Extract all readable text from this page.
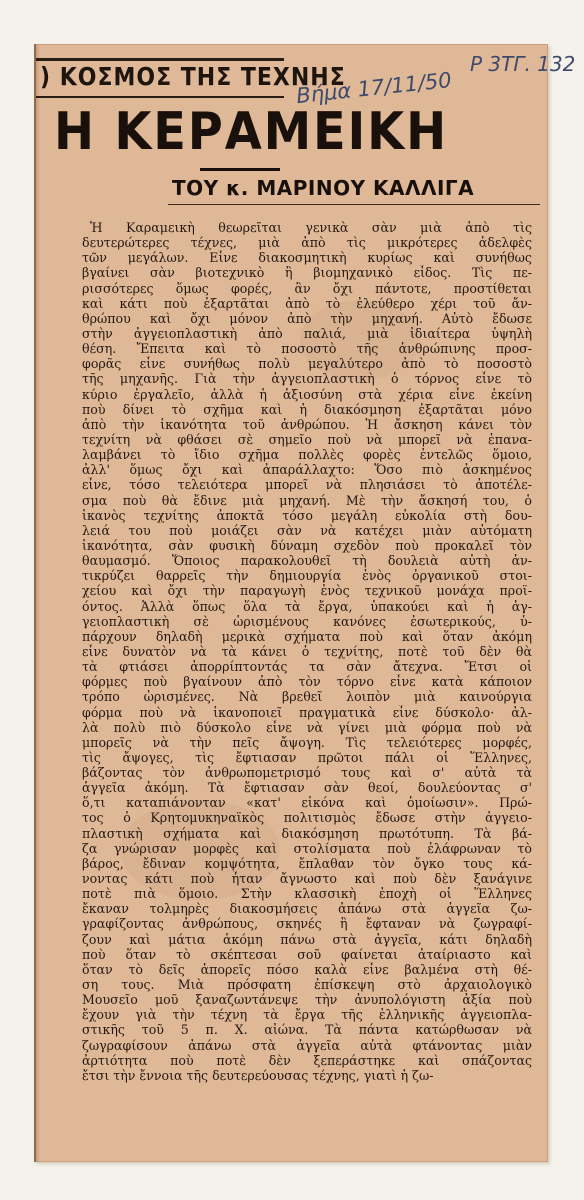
) ΚΟΣΜΟΣ ΤΗΣ ΤΕΧΝΗΣ
Βήμα 17/11/50
P 3ΤΓ. 132
Η ΚΕΡΑΜΕΙΚΗ
ΤΟΥ κ. ΜΑΡΙΝΟΥ ΚΑΛΛΙΓΑ
Ἡ Καραμεικὴ θεωρεῖται γενικὰ σὰν μιὰ ἀπὸ τὶς
δευτερώτερες τέχνες, μιὰ ἀπὸ τὶς μικρότερες ἀδελφὲς
τῶν μεγάλων. Εἶνε διακοσμητικὴ κυρίως καὶ συνήθως
βγαίνει σὰν βιοτεχνικὸ ἢ βιομηχανικὸ εἶδος. Τὶς πε-
ρισσότερες ὅμως φορές, ἂν ὄχι πάντοτε, προστίθεται
καὶ κάτι ποὺ ἐξαρτᾶται ἀπὸ τὸ ἐλεύθερο χέρι τοῦ ἄν-
θρώπου καὶ ὄχι μόνον ἀπὸ τὴν μηχανή. Αὐτὸ ἔδωσε
στὴν ἀγγειοπλαστικὴ ἀπὸ παλιά, μιὰ ἰδιαίτερα ὑψηλὴ
θέση. Ἔπειτα καὶ τὸ ποσοστὸ τῆς ἀνθρώπινης προσ-
φορᾶς εἶνε συνήθως πολὺ μεγαλύτερο ἀπὸ τὸ ποσοστὸ
τῆς μηχανῆς. Γιὰ τὴν ἀγγειοπλαστικὴ ὁ τόρνος εἶνε τὸ
κύριο ἐργαλεῖο, ἀλλὰ ἡ ἀξιοσύνη στὰ χέρια εἶνε ἐκείνη
ποὺ δίνει τὸ σχῆμα καὶ ἡ διακόσμηση ἐξαρτᾶται μόνο
ἀπὸ τὴν ἱκανότητα τοῦ ἀνθρώπου. Ἡ ἄσκηση κάνει τὸν
τεχνίτη νὰ φθάσει σὲ σημεῖο ποὺ νὰ μπορεῖ νὰ ἐπανα-
λαμβάνει τὸ ἴδιο σχῆμα πολλὲς φορὲς ἐντελῶς ὅμοιο,
ἀλλ' ὅμως ὄχι καὶ ἀπαράλλαχτο: Ὅσο πιὸ ἀσκημένος
εἶνε, τόσο τελειότερα μπορεῖ νὰ πλησιάσει τὸ ἀποτέλε-
σμα ποὺ θὰ ἔδινε μιὰ μηχανή. Μὲ τὴν ἄσκησή του, ὁ
ἱκανὸς τεχνίτης ἀποκτᾶ τόσο μεγάλη εὐκολία στὴ δου-
λειά του ποὺ μοιάζει σὰν νὰ κατέχει μιὰν αὐτόματη
ἱκανότητα, σὰν φυσικὴ δύναμη σχεδὸν ποὺ προκαλεῖ τὸν
θαυμασμό. Ὅποιος παρακολουθεῖ τὴ δουλειὰ αὐτὴ ἀν-
τικρύζει θαρρεῖς τὴν δημιουργία ἑνὸς ὀργανικοῦ στοι-
χείου καὶ ὄχι τὴν παραγωγὴ ἑνὸς τεχνικοῦ μονάχα προϊ-
όντος. Ἀλλὰ ὅπως ὅλα τὰ ἔργα, ὑπακούει καὶ ἡ ἀγ-
γειοπλαστικὴ σὲ ὡρισμένους κανόνες ἐσωτερικούς, ὑ-
πάρχουν δηλαδὴ μερικὰ σχήματα ποὺ καὶ ὅταν ἀκόμη
εἶνε δυνατὸν νὰ τὰ κάνει ὁ τεχνίτης, ποτὲ τοῦ δὲν θὰ
τὰ φτιάσει ἀπορρίπτοντάς τα σὰν ἄτεχνα. Ἔτσι οἱ
φόρμες ποὺ βγαίνουν ἀπὸ τὸν τόρνο εἶνε κατὰ κάποιον
τρόπο ὡρισμένες. Νὰ βρεθεῖ λοιπὸν μιὰ καινούργια
φόρμα ποὺ νὰ ἱκανοποιεῖ πραγματικὰ εἶνε δύσκολο· ἀλ-
λὰ πολὺ πιὸ δύσκολο εἶνε νὰ γίνει μιὰ φόρμα ποὺ νὰ
μπορεῖς νὰ τὴν πεῖς ἄψογη. Τὶς τελειότερες μορφές,
τὶς ἄψογες, τὶς ἔφτιασαν πρῶτοι πάλι οἱ Ἕλληνες,
βάζοντας τὸν ἀνθρωπομετρισμό τους καὶ σ' αὐτὰ τὰ
ἀγγεῖα ἀκόμη. Τὰ ἔφτιασαν σὰν θεοί, δουλεύοντας σ'
ὅ,τι καταπιάνονταν «κατ' εἰκόνα καὶ ὁμοίωσιν». Πρώ-
τος ὁ Κρητομυκηναϊκὸς πολιτισμὸς ἔδωσε στὴν ἀγγειο-
πλαστικὴ σχήματα καὶ διακόσμηση πρωτότυπη. Τὰ βά-
ζα γνώρισαν μορφὲς καὶ στολίσματα ποὺ ἐλάφρωναν τὸ
βάρος, ἔδιναν κομψότητα, ἔπλαθαν τὸν ὄγκο τους κά-
νοντας κάτι ποὺ ἦταν ἄγνωστο καὶ ποὺ δὲν ξανάγινε
ποτὲ πιὰ ὅμοιο. Στὴν κλασσικὴ ἐποχὴ οἱ Ἕλληνες
ἔκαναν τολμηρὲς διακοσμήσεις ἀπάνω στὰ ἀγγεῖα ζω-
γραφίζοντας ἀνθρώπους, σκηνές ἢ ἔφταναν νὰ ζωγραφί-
ζουν καὶ μάτια ἀκόμη πάνω στὰ ἀγγεῖα, κάτι δηλαδὴ
ποὺ ὅταν τὸ σκέπτεσαι σοῦ φαίνεται ἀταίριαστο καὶ
ὅταν τὸ δεῖς ἀπορεῖς πόσο καλὰ εἶνε βαλμένα στὴ θέ-
ση τους. Μιὰ πρόσφατη ἐπίσκεψη στὸ ἀρχαιολογικὸ
Μουσεῖο μοῦ ξαναζωντάνεψε τὴν ἀνυπολόγιστη ἀξία ποὺ
ἔχουν γιὰ τὴν τέχνη τὰ ἔργα τῆς ἑλληνικῆς ἀγγειοπλα-
στικῆς τοῦ 5 π. Χ. αἰώνα. Τὰ πάντα κατώρθωσαν νὰ
ζωγραφίσουν ἀπάνω στὰ ἀγγεῖα αὐτὰ φτάνοντας μιὰν
ἀρτιότητα ποὺ ποτὲ δὲν ξεπεράστηκε καὶ σπάζοντας
ἔτσι τὴν ἔννοια τῆς δευτερεύουσας τέχνης, γιατὶ ἡ ζω-
